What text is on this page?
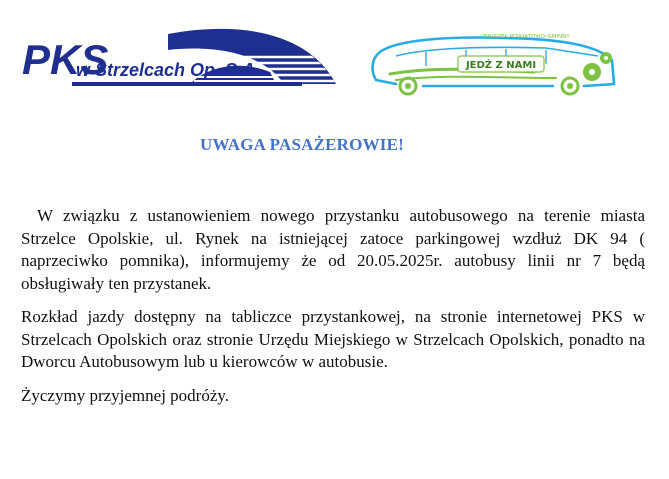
PKS
w Strzelcach Op. S.A.	JEDŹ Z NAMI
ZWIĄZEK POWIATOWO-GMINNY
UWAGA PASAŻEROWIE!

W związku z ustanowieniem nowego przystanku autobusowego na terenie miasta Strzelce Opolskie, ul. Rynek na istniejącej zatoce parkingowej wzdłuż DK 94 ( naprzeciwko pomnika), informujemy że od 20.05.2025r. autobusy linii nr 7 będą obsługiwały ten przystanek.

Rozkład jazdy dostępny na tabliczce przystankowej, na stronie internetowej PKS w Strzelcach Opolskich oraz stronie Urzędu Miejskiego w Strzelcach Opolskich, ponadto na Dworcu Autobusowym lub u kierowców w autobusie.

Życzymy przyjemnej podróży.
